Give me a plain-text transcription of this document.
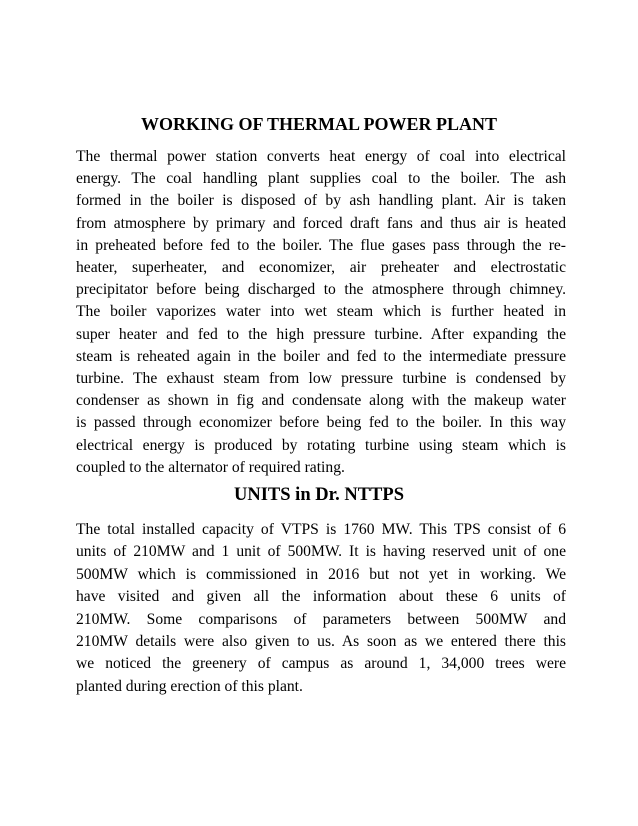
WORKING OF THERMAL POWER PLANT

The thermal power station converts heat energy of coal into electrical
energy. The coal handling plant supplies coal to the boiler. The ash
formed in the boiler is disposed of by ash handling plant. Air is taken
from atmosphere by primary and forced draft fans and thus air is heated
in preheated before fed to the boiler. The flue gases pass through the re-
heater, superheater, and economizer, air preheater and electrostatic
precipitator before being discharged to the atmosphere through chimney.
The boiler vaporizes water into wet steam which is further heated in
super heater and fed to the high pressure turbine. After expanding the
steam is reheated again in the boiler and fed to the intermediate pressure
turbine. The exhaust steam from low pressure turbine is condensed by
condenser as shown in fig and condensate along with the makeup water
is passed through economizer before being fed to the boiler. In this way
electrical energy is produced by rotating turbine using steam which is
coupled to the alternator of required rating.

UNITS in Dr. NTTPS

The total installed capacity of VTPS is 1760 MW. This TPS consist of 6
units of 210MW and 1 unit of 500MW. It is having reserved unit of one
500MW which is commissioned in 2016 but not yet in working. We
have visited and given all the information about these 6 units of
210MW. Some comparisons of parameters between 500MW and
210MW details were also given to us. As soon as we entered there this
we noticed the greenery of campus as around 1, 34,000 trees were
planted during erection of this plant.
